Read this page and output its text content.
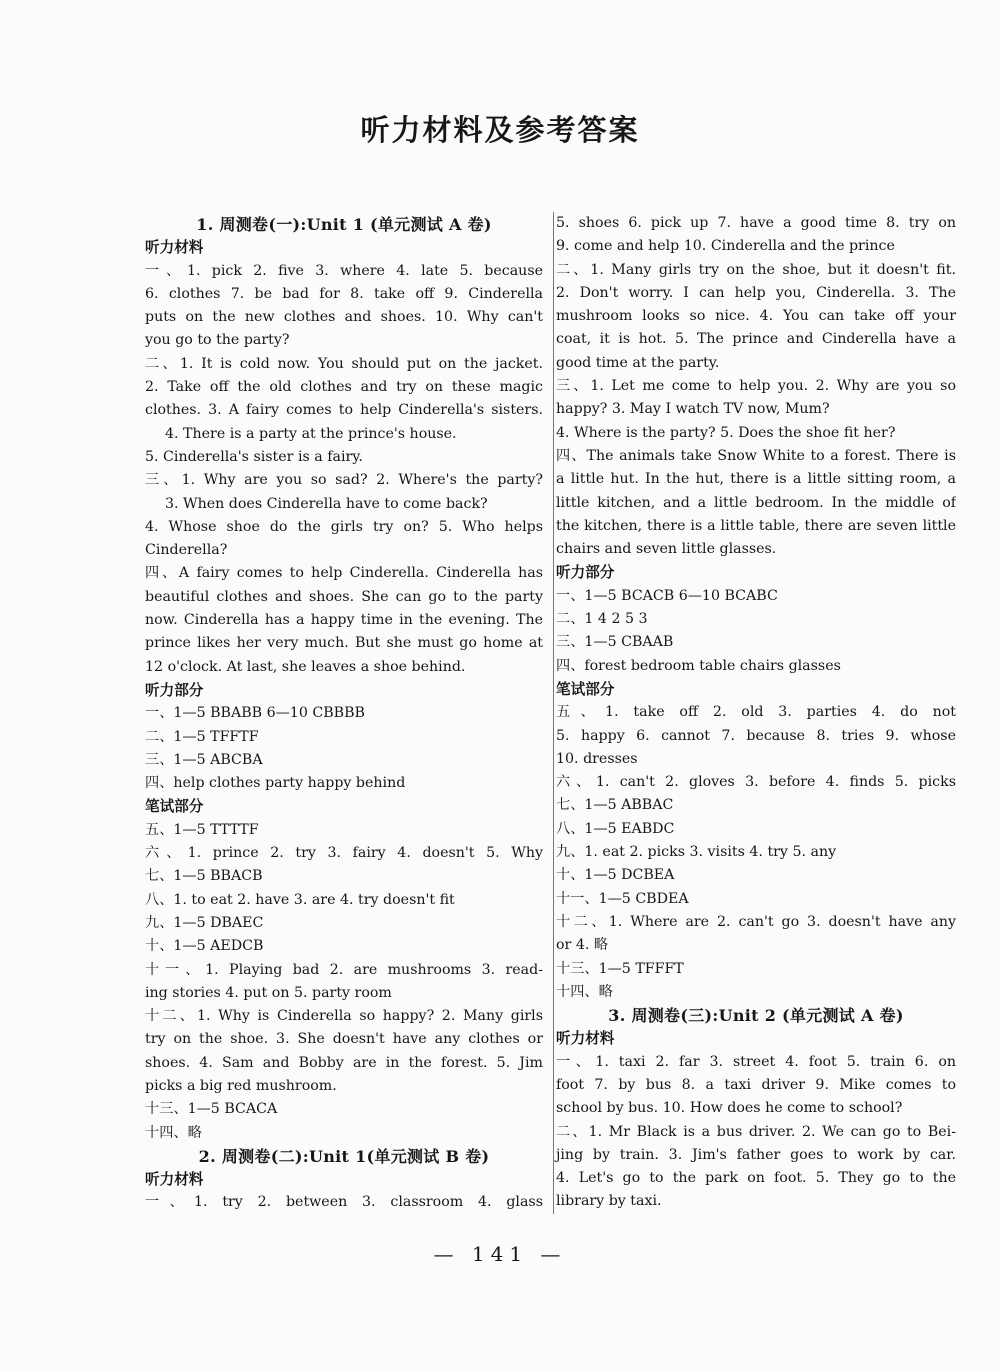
听力材料及参考答案
1. 周测卷(一):Unit 1 (单元测试 A 卷)
听力材料
一、1. pick 2. five 3. where 4. late 5. because
6. clothes 7. be bad for 8. take off 9. Cinderella
puts on the new clothes and shoes. 10. Why can't
you go to the party?
二、1. It is cold now. You should put on the jacket.
2. Take off the old clothes and try on these magic
clothes. 3. A fairy comes to help Cinderella's sisters.
4. There is a party at the prince's house.
5. Cinderella's sister is a fairy.
三、1. Why are you so sad? 2. Where's the party?
3. When does Cinderella have to come back?
4. Whose shoe do the girls try on? 5. Who helps
Cinderella?
四、A fairy comes to help Cinderella. Cinderella has
beautiful clothes and shoes. She can go to the party
now. Cinderella has a happy time in the evening. The
prince likes her very much. But she must go home at
12 o'clock. At last, she leaves a shoe behind.
听力部分
一、1—5 BBABB 6—10 CBBBB
二、1—5 TFFTF
三、1—5 ABCBA
四、help clothes party happy behind
笔试部分
五、1—5 TTTTF
六、1. prince 2. try 3. fairy 4. doesn't 5. Why
七、1—5 BBACB
八、1. to eat 2. have 3. are 4. try doesn't fit
九、1—5 DBAEC
十、1—5 AEDCB
十一、1. Playing bad 2. are mushrooms 3. read-
ing stories 4. put on 5. party room
十二、1. Why is Cinderella so happy? 2. Many girls
try on the shoe. 3. She doesn't have any clothes or
shoes. 4. Sam and Bobby are in the forest. 5. Jim
picks a big red mushroom.
十三、1—5 BCACA
十四、略
2. 周测卷(二):Unit 1(单元测试 B 卷)
听力材料
一、1. try 2. between 3. classroom 4. glass
5. shoes 6. pick up 7. have a good time 8. try on
9. come and help 10. Cinderella and the prince
二、1. Many girls try on the shoe, but it doesn't fit.
2. Don't worry. I can help you, Cinderella. 3. The
mushroom looks so nice. 4. You can take off your
coat, it is hot. 5. The prince and Cinderella have a
good time at the party.
三、1. Let me come to help you. 2. Why are you so
happy? 3. May I watch TV now, Mum?
4. Where is the party? 5. Does the shoe fit her?
四、The animals take Snow White to a forest. There is
a little hut. In the hut, there is a little sitting room, a
little kitchen, and a little bedroom. In the middle of
the kitchen, there is a little table, there are seven little
chairs and seven little glasses.
听力部分
一、1—5 BCACB 6—10 BCABC
二、1 4 2 5 3
三、1—5 CBAAB
四、forest bedroom table chairs glasses
笔试部分
五、1. take off 2. old 3. parties 4. do not
5. happy 6. cannot 7. because 8. tries 9. whose
10. dresses
六、1. can't 2. gloves 3. before 4. finds 5. picks
七、1—5 ABBAC
八、1—5 EABDC
九、1. eat 2. picks 3. visits 4. try 5. any
十、1—5 DCBEA
十一、1—5 CBDEA
十二、1. Where are 2. can't go 3. doesn't have any
or 4. 略
十三、1—5 TFFFT
十四、略
3. 周测卷(三):Unit 2 (单元测试 A 卷)
听力材料
一、1. taxi 2. far 3. street 4. foot 5. train 6. on
foot 7. by bus 8. a taxi driver 9. Mike comes to
school by bus. 10. How does he come to school?
二、1. Mr Black is a bus driver. 2. We can go to Bei-
jing by train. 3. Jim's father goes to work by car.
4. Let's go to the park on foot. 5. They go to the
library by taxi.
— 141 —
